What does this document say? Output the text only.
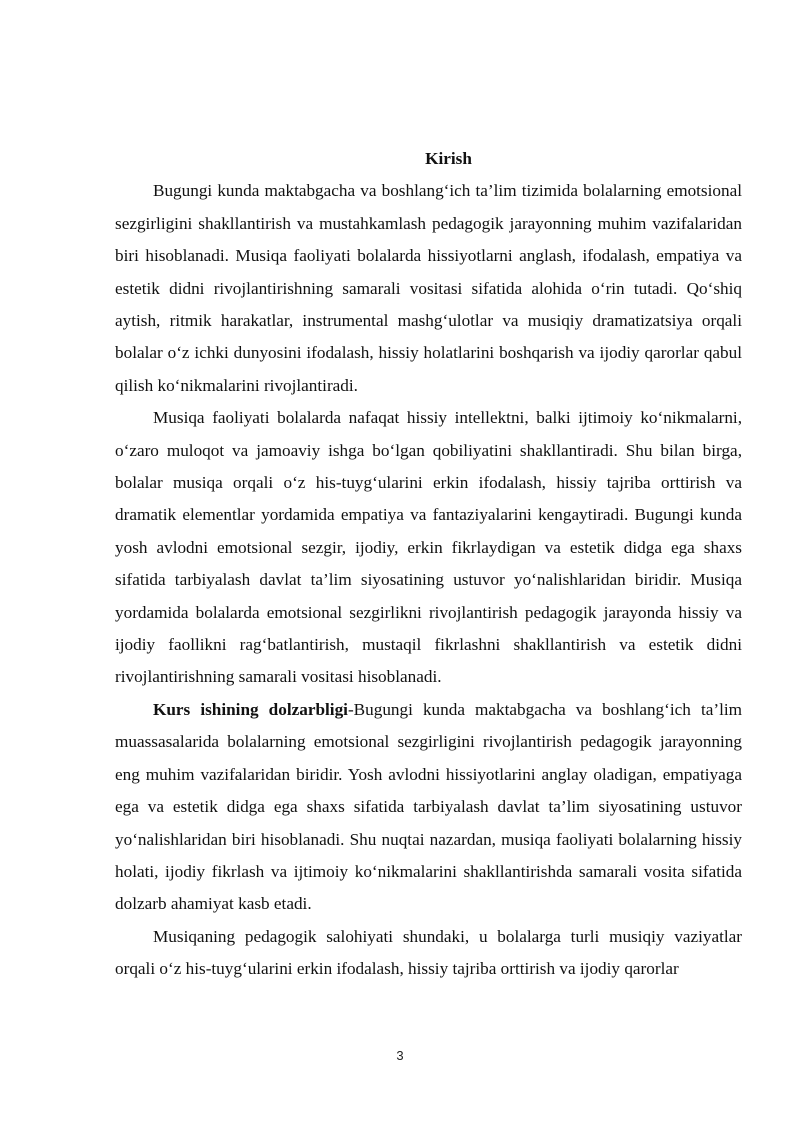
Kirish

Bugungi kunda maktabgacha va boshlang‘ich ta’lim tizimida bolalarning emotsional sezgirligini shakllantirish va mustahkamlash pedagogik jarayonning muhim vazifalaridan biri hisoblanadi. Musiqa faoliyati bolalarda hissiyotlarni anglash, ifodalash, empatiya va estetik didni rivojlantirishning samarali vositasi sifatida alohida o‘rin tutadi. Qo‘shiq aytish, ritmik harakatlar, instrumental mashg‘ulotlar va musiqiy dramatizatsiya orqali bolalar o‘z ichki dunyosini ifodalash, hissiy holatlarini boshqarish va ijodiy qarorlar qabul qilish ko‘nikmalarini rivojlantiradi.

Musiqa faoliyati bolalarda nafaqat hissiy intellektni, balki ijtimoiy ko‘nikmalarni, o‘zaro muloqot va jamoaviy ishga bo‘lgan qobiliyatini shakllantiradi. Shu bilan birga, bolalar musiqa orqali o‘z his-tuyg‘ularini erkin ifodalash, hissiy tajriba orttirish va dramatik elementlar yordamida empatiya va fantaziyalarini kengaytiradi. Bugungi kunda yosh avlodni emotsional sezgir, ijodiy, erkin fikrlaydigan va estetik didga ega shaxs sifatida tarbiyalash davlat ta’lim siyosatining ustuvor yo‘nalishlaridan biridir. Musiqa yordamida bolalarda emotsional sezgirlikni rivojlantirish pedagogik jarayonda hissiy va ijodiy faollikni rag‘batlantirish, mustaqil fikrlashni shakllantirish va estetik didni rivojlantirishning samarali vositasi hisoblanadi.

Kurs ishining dolzarbligi-Bugungi kunda maktabgacha va boshlang‘ich ta’lim muassasalarida bolalarning emotsional sezgirligini rivojlantirish pedagogik jarayonning eng muhim vazifalaridan biridir. Yosh avlodni hissiyotlarini anglay oladigan, empatiyaga ega va estetik didga ega shaxs sifatida tarbiyalash davlat ta’lim siyosatining ustuvor yo‘nalishlaridan biri hisoblanadi. Shu nuqtai nazardan, musiqa faoliyati bolalarning hissiy holati, ijodiy fikrlash va ijtimoiy ko‘nikmalarini shakllantirishda samarali vosita sifatida dolzarb ahamiyat kasb etadi.

Musiqaning pedagogik salohiyati shundaki, u bolalarga turli musiqiy vaziyatlar orqali o‘z his-tuyg‘ularini erkin ifodalash, hissiy tajriba orttirish va ijodiy qarorlar

3
